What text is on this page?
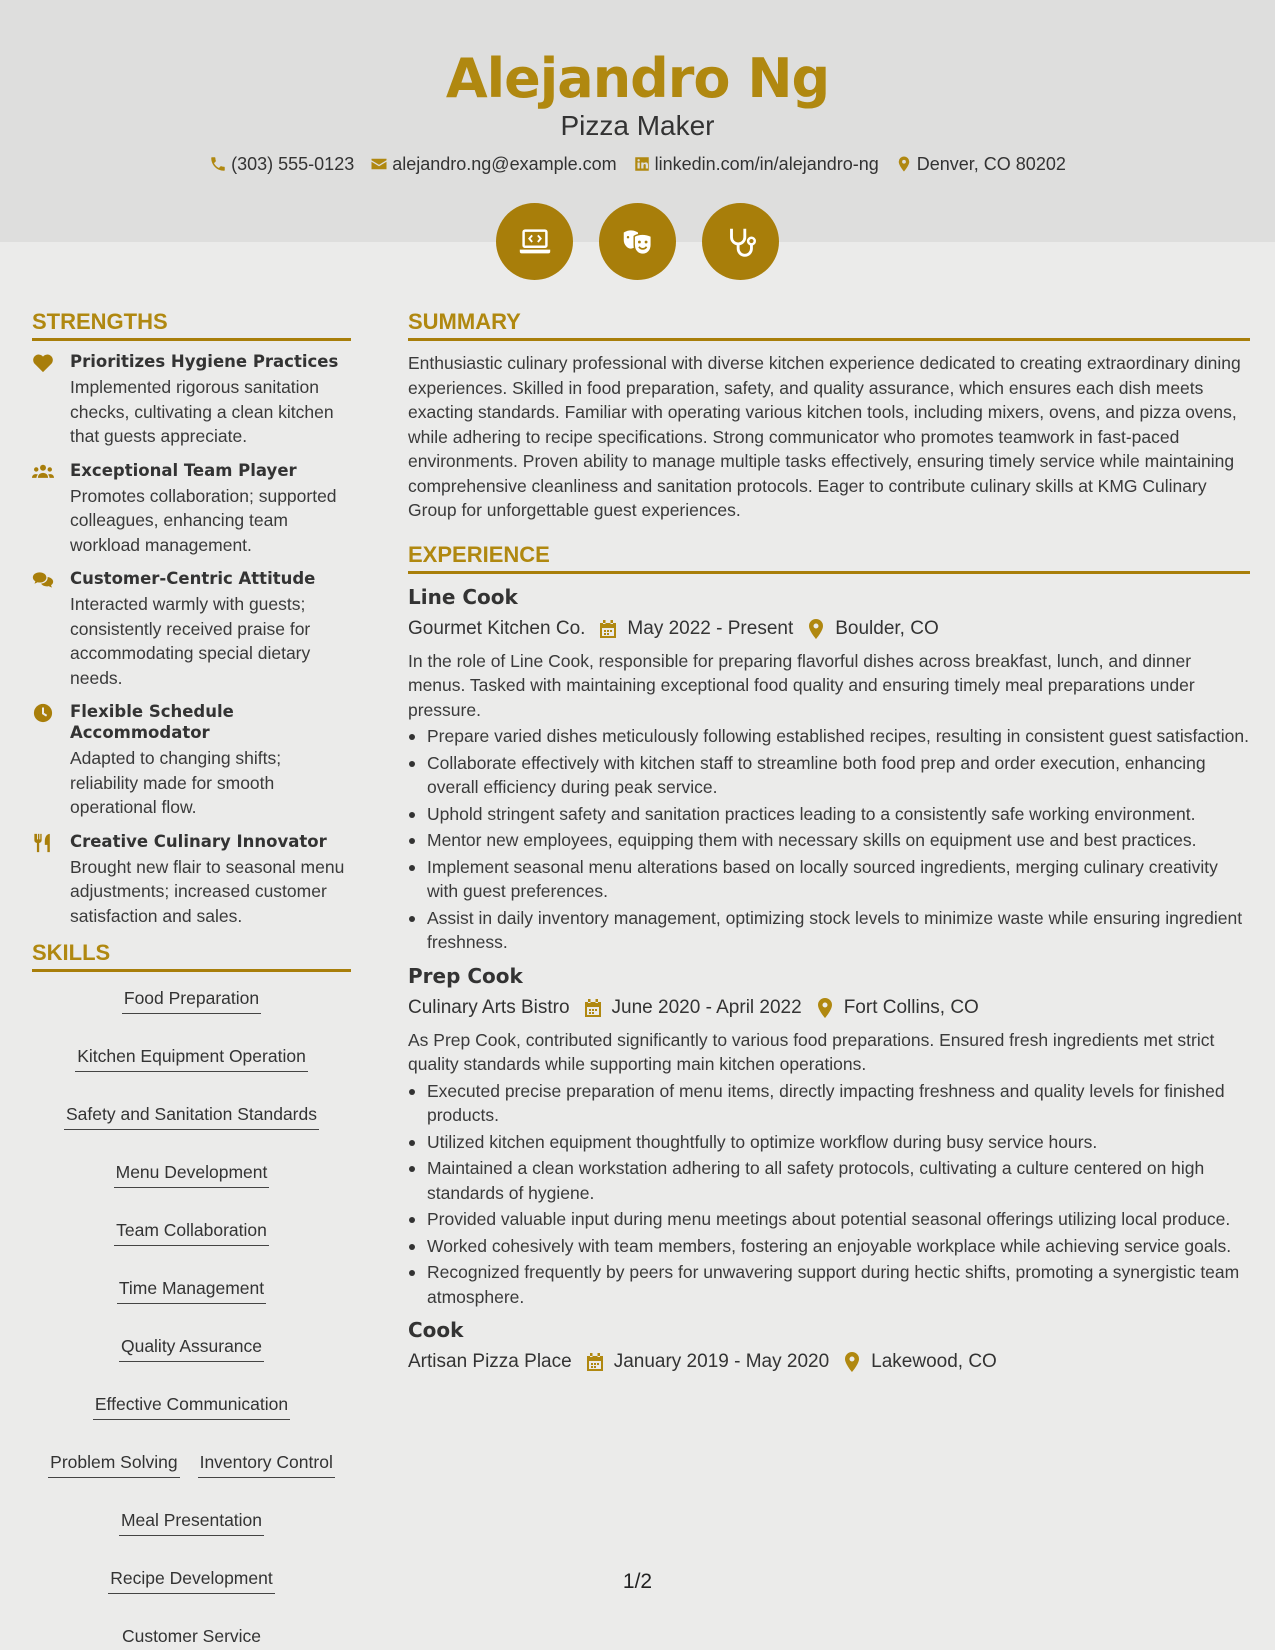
Alejandro Ng
Pizza Maker
(303) 555-0123 alejandro.ng@example.com linkedin.com/in/alejandro-ng Denver, CO 80202
STRENGTHS
Prioritizes Hygiene Practices
Implemented rigorous sanitation checks, cultivating a clean kitchen that guests appreciate.
Exceptional Team Player
Promotes collaboration; supported colleagues, enhancing team workload management.
Customer-Centric Attitude
Interacted warmly with guests; consistently received praise for accommodating special dietary needs.
Flexible Schedule Accommodator
Adapted to changing shifts; reliability made for smooth operational flow.
Creative Culinary Innovator
Brought new flair to seasonal menu adjustments; increased customer satisfaction and sales.
SKILLS
Food Preparation
Kitchen Equipment Operation
Safety and Sanitation Standards
Menu Development
Team Collaboration
Time Management
Quality Assurance
Effective Communication
Problem Solving Inventory Control
Meal Presentation
Recipe Development
Customer Service
SUMMARY
Enthusiastic culinary professional with diverse kitchen experience dedicated to creating extraordinary dining experiences. Skilled in food preparation, safety, and quality assurance, which ensures each dish meets exacting standards. Familiar with operating various kitchen tools, including mixers, ovens, and pizza ovens, while adhering to recipe specifications. Strong communicator who promotes teamwork in fast-paced environments. Proven ability to manage multiple tasks effectively, ensuring timely service while maintaining comprehensive cleanliness and sanitation protocols. Eager to contribute culinary skills at KMG Culinary Group for unforgettable guest experiences.
EXPERIENCE
Line Cook
Gourmet Kitchen Co. May 2022 - Present Boulder, CO
In the role of Line Cook, responsible for preparing flavorful dishes across breakfast, lunch, and dinner menus. Tasked with maintaining exceptional food quality and ensuring timely meal preparations under pressure.
Prepare varied dishes meticulously following established recipes, resulting in consistent guest satisfaction.
Collaborate effectively with kitchen staff to streamline both food prep and order execution, enhancing overall efficiency during peak service.
Uphold stringent safety and sanitation practices leading to a consistently safe working environment.
Mentor new employees, equipping them with necessary skills on equipment use and best practices.
Implement seasonal menu alterations based on locally sourced ingredients, merging culinary creativity with guest preferences.
Assist in daily inventory management, optimizing stock levels to minimize waste while ensuring ingredient freshness.
Prep Cook
Culinary Arts Bistro June 2020 - April 2022 Fort Collins, CO
As Prep Cook, contributed significantly to various food preparations. Ensured fresh ingredients met strict quality standards while supporting main kitchen operations.
Executed precise preparation of menu items, directly impacting freshness and quality levels for finished products.
Utilized kitchen equipment thoughtfully to optimize workflow during busy service hours.
Maintained a clean workstation adhering to all safety protocols, cultivating a culture centered on high standards of hygiene.
Provided valuable input during menu meetings about potential seasonal offerings utilizing local produce.
Worked cohesively with team members, fostering an enjoyable workplace while achieving service goals.
Recognized frequently by peers for unwavering support during hectic shifts, promoting a synergistic team atmosphere.
Cook
Artisan Pizza Place January 2019 - May 2020 Lakewood, CO
1/2
